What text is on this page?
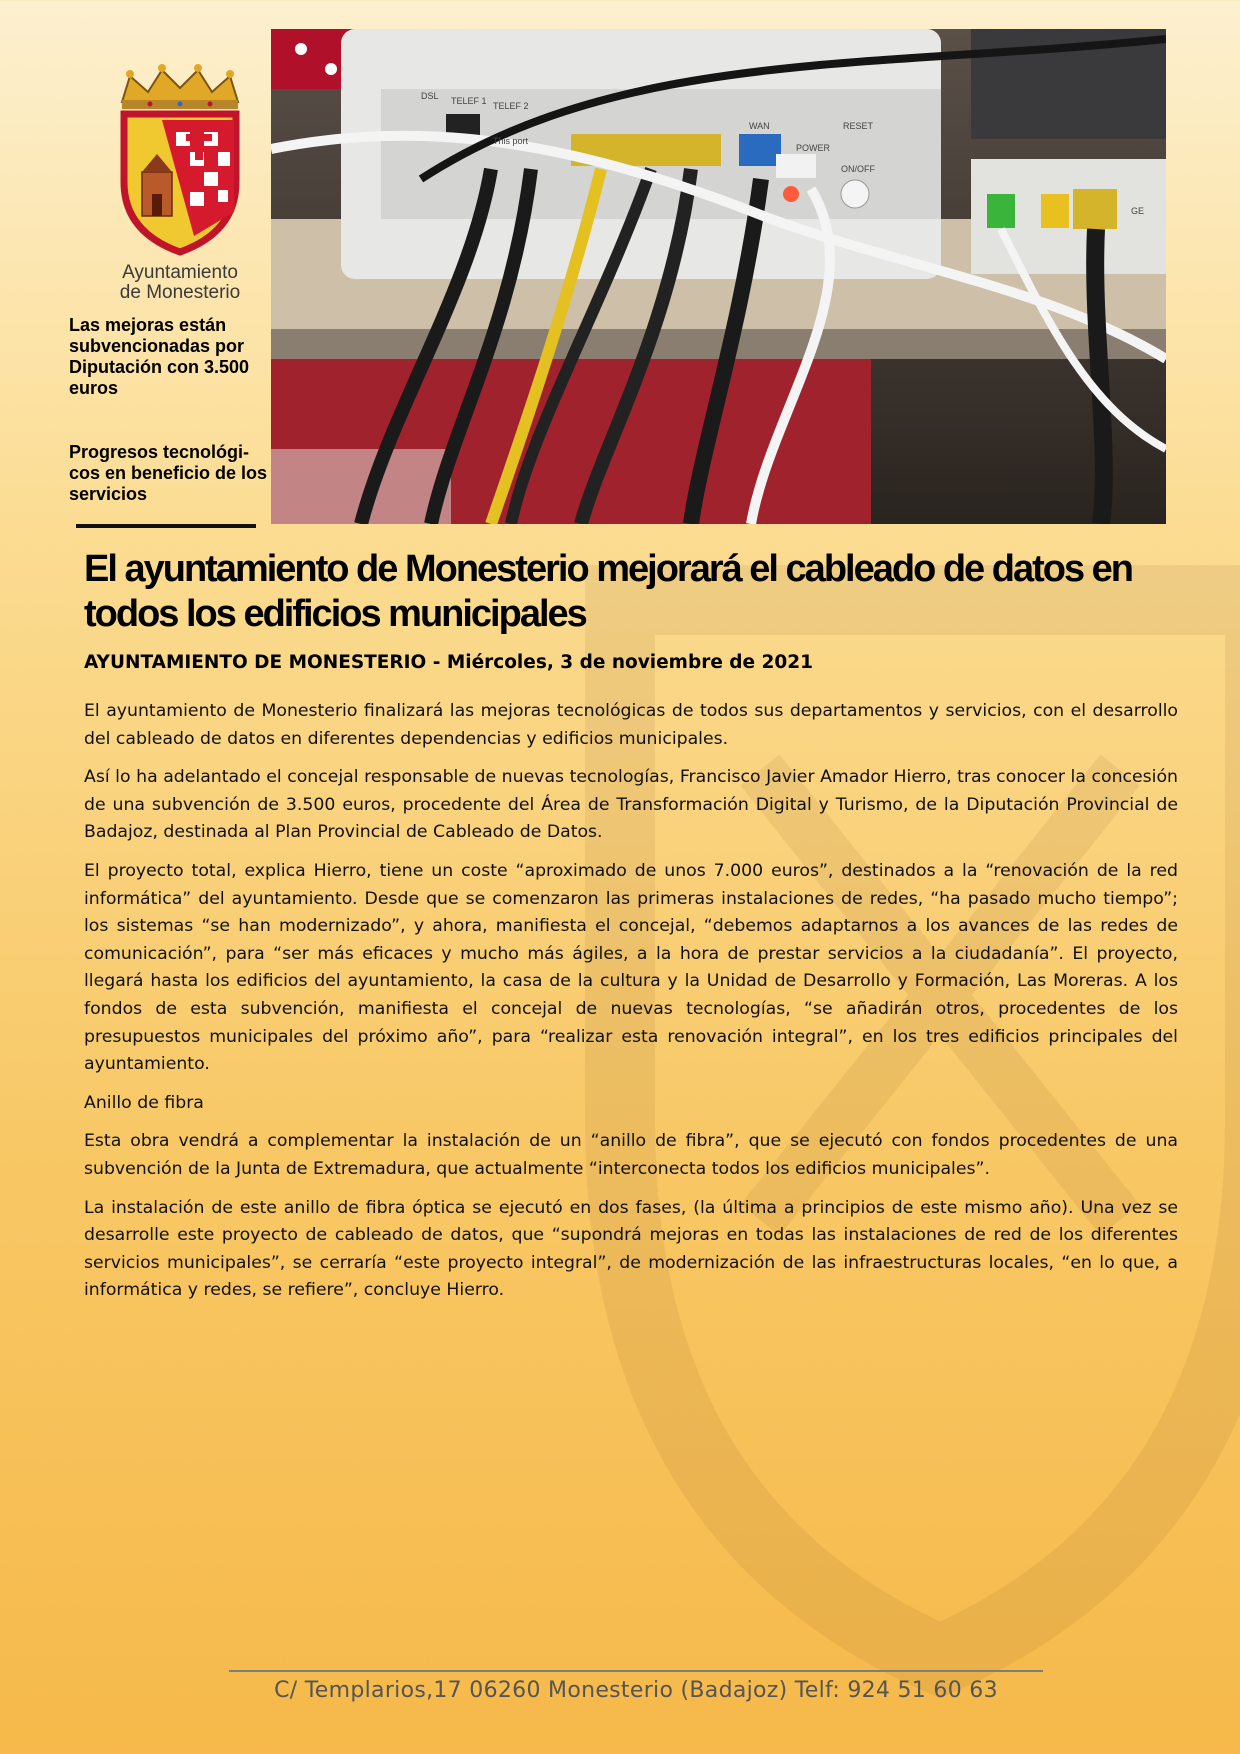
Ayuntamiento
de Monesterio
Las mejoras están subvencionadas por Diputación con 3.500 euros
Progresos tecnológi-cos en beneficio de los servicios
DSL TELEF 1 TELEF 2
WAN
POWER
ON/OFF
RESET
This port
GE
El ayuntamiento de Monesterio mejorará el cableado de datos en todos los edificios municipales
AYUNTAMIENTO DE MONESTERIO - Miércoles, 3 de noviembre de 2021

El ayuntamiento de Monesterio finalizará las mejoras tecnológicas de todos sus departamentos y servicios, con el desarrollo del cableado de datos en diferentes dependencias y edificios municipales.

Así lo ha adelantado el concejal responsable de nuevas tecnologías, Francisco Javier Amador Hierro, tras conocer la concesión de una subvención de 3.500 euros, procedente del Área de Transformación Digital y Turismo, de la Diputación Provincial de Badajoz, destinada al Plan Provincial de Cableado de Datos.

El proyecto total, explica Hierro, tiene un coste “aproximado de unos 7.000 euros”, destinados a la “renovación de la red informática” del ayuntamiento. Desde que se comenzaron las primeras instalaciones de redes, “ha pasado mucho tiempo”; los sistemas “se han modernizado”, y ahora, manifiesta el concejal, “debemos adaptarnos a los avances de las redes de comunicación”, para “ser más eficaces y mucho más ágiles, a la hora de prestar servicios a la ciudadanía”. El proyecto, llegará hasta los edificios del ayuntamiento, la casa de la cultura y la Unidad de Desarrollo y Formación, Las Moreras. A los fondos de esta subvención, manifiesta el concejal de nuevas tecnologías, “se añadirán otros, procedentes de los presupuestos municipales del próximo año”, para “realizar esta renovación integral”, en los tres edificios principales del ayuntamiento.

Anillo de fibra

Esta obra vendrá a complementar la instalación de un “anillo de fibra”, que se ejecutó con fondos procedentes de una subvención de la Junta de Extremadura, que actualmente “interconecta todos los edificios municipales”.

La instalación de este anillo de fibra óptica se ejecutó en dos fases, (la última a principios de este mismo año). Una vez se desarrolle este proyecto de cableado de datos, que “supondrá mejoras en todas las instalaciones de red de los diferentes servicios municipales”, se cerraría “este proyecto integral”, de modernización de las infraestructuras locales, “en lo que, a informática y redes, se refiere”, concluye Hierro.

C/ Templarios,17 06260 Monesterio (Badajoz) Telf: 924 51 60 63
